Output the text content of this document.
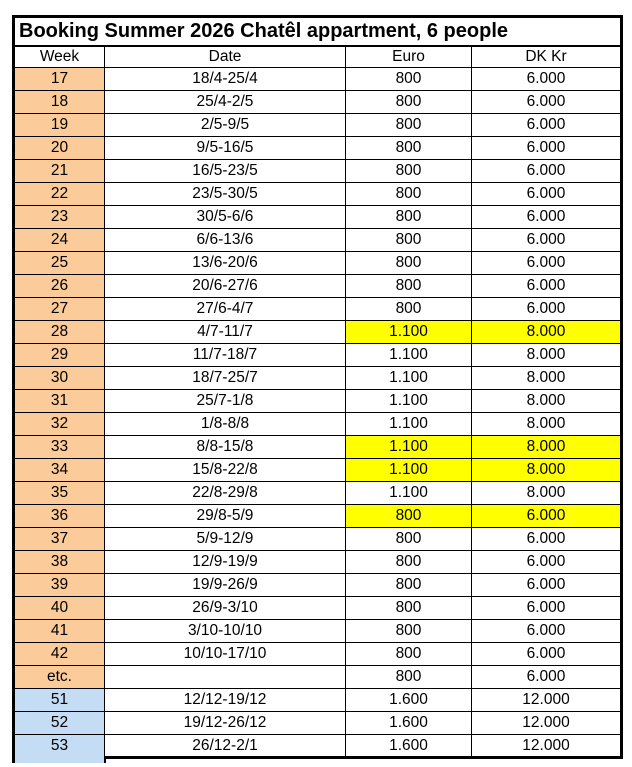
Booking Summer 2026 Chatêl appartment, 6 people			
Week	Date	Euro	DK Kr
17	18/4-25/4	800	6.000
18	25/4-2/5	800	6.000
19	2/5-9/5	800	6.000
20	9/5-16/5	800	6.000
21	16/5-23/5	800	6.000
22	23/5-30/5	800	6.000
23	30/5-6/6	800	6.000
24	6/6-13/6	800	6.000
25	13/6-20/6	800	6.000
26	20/6-27/6	800	6.000
27	27/6-4/7	800	6.000
28	4/7-11/7	1.100	8.000
29	11/7-18/7	1.100	8.000
30	18/7-25/7	1.100	8.000
31	25/7-1/8	1.100	8.000
32	1/8-8/8	1.100	8.000
33	8/8-15/8	1.100	8.000
34	15/8-22/8	1.100	8.000
35	22/8-29/8	1.100	8.000
36	29/8-5/9	800	6.000
37	5/9-12/9	800	6.000
38	12/9-19/9	800	6.000
39	19/9-26/9	800	6.000
40	26/9-3/10	800	6.000
41	3/10-10/10	800	6.000
42	10/10-17/10	800	6.000
etc.		800	6.000
51	12/12-19/12	1.600	12.000
52	19/12-26/12	1.600	12.000
53	26/12-2/1	1.600	12.000
